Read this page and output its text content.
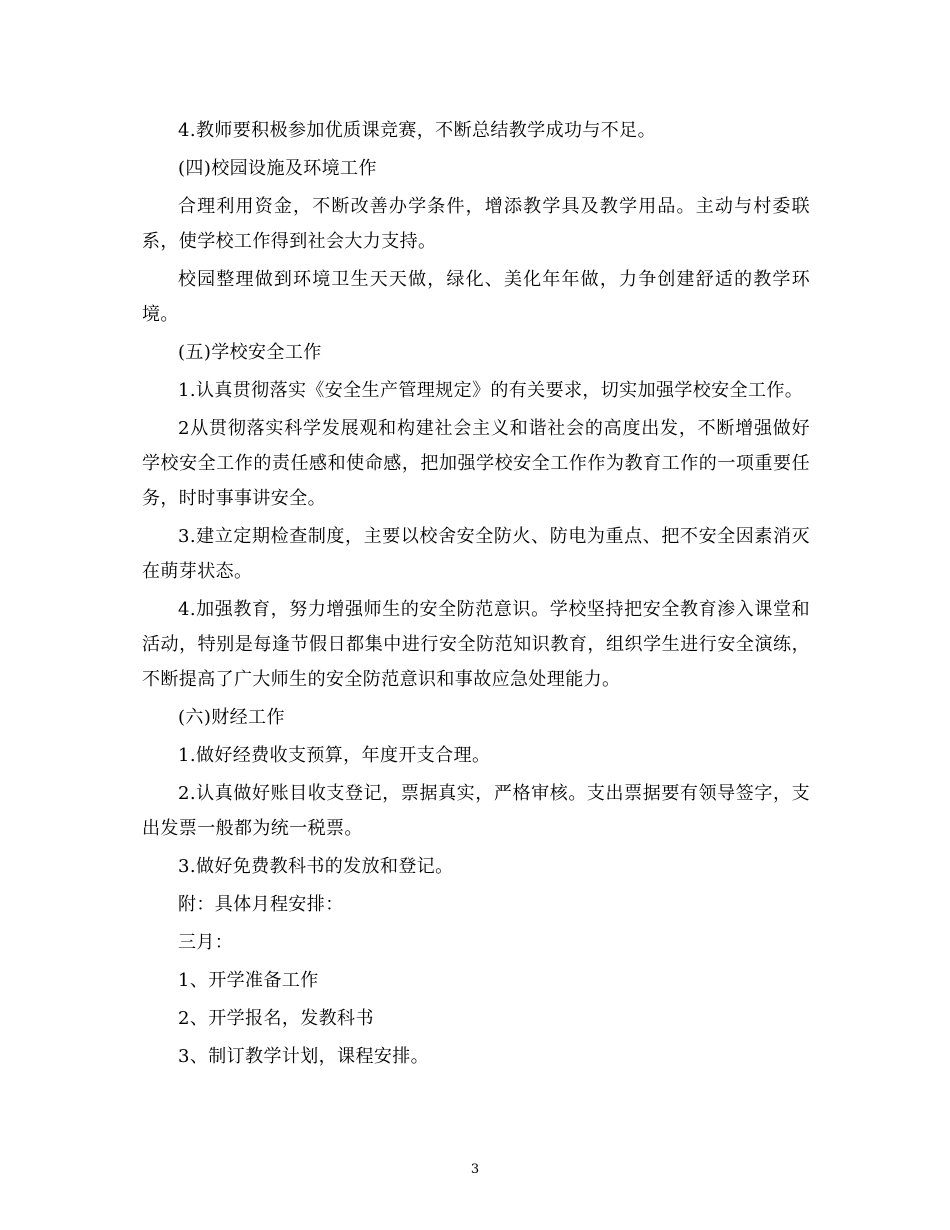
4.教师要积极参加优质课竞赛，不断总结教学成功与不足。

(四)校园设施及环境工作

合理利用资金，不断改善办学条件，增添教学具及教学用品。主动与村委联系，使学校工作得到社会大力支持。

校园整理做到环境卫生天天做，绿化、美化年年做，力争创建舒适的教学环境。

(五)学校安全工作

1.认真贯彻落实《安全生产管理规定》的有关要求，切实加强学校安全工作。

2从贯彻落实科学发展观和构建社会主义和谐社会的高度出发，不断增强做好学校安全工作的责任感和使命感，把加强学校安全工作作为教育工作的一项重要任务，时时事事讲安全。

3.建立定期检查制度，主要以校舍安全防火、防电为重点、把不安全因素消灭在萌芽状态。

4.加强教育，努力增强师生的安全防范意识。学校坚持把安全教育渗入课堂和活动，特别是每逢节假日都集中进行安全防范知识教育，组织学生进行安全演练，不断提高了广大师生的安全防范意识和事故应急处理能力。

(六)财经工作

1.做好经费收支预算，年度开支合理。

2.认真做好账目收支登记，票据真实，严格审核。支出票据要有领导签字，支出发票一般都为统一税票。

3.做好免费教科书的发放和登记。

附：具体月程安排：

三月：

1、开学准备工作

2、开学报名，发教科书

3、制订教学计划，课程安排。

3
